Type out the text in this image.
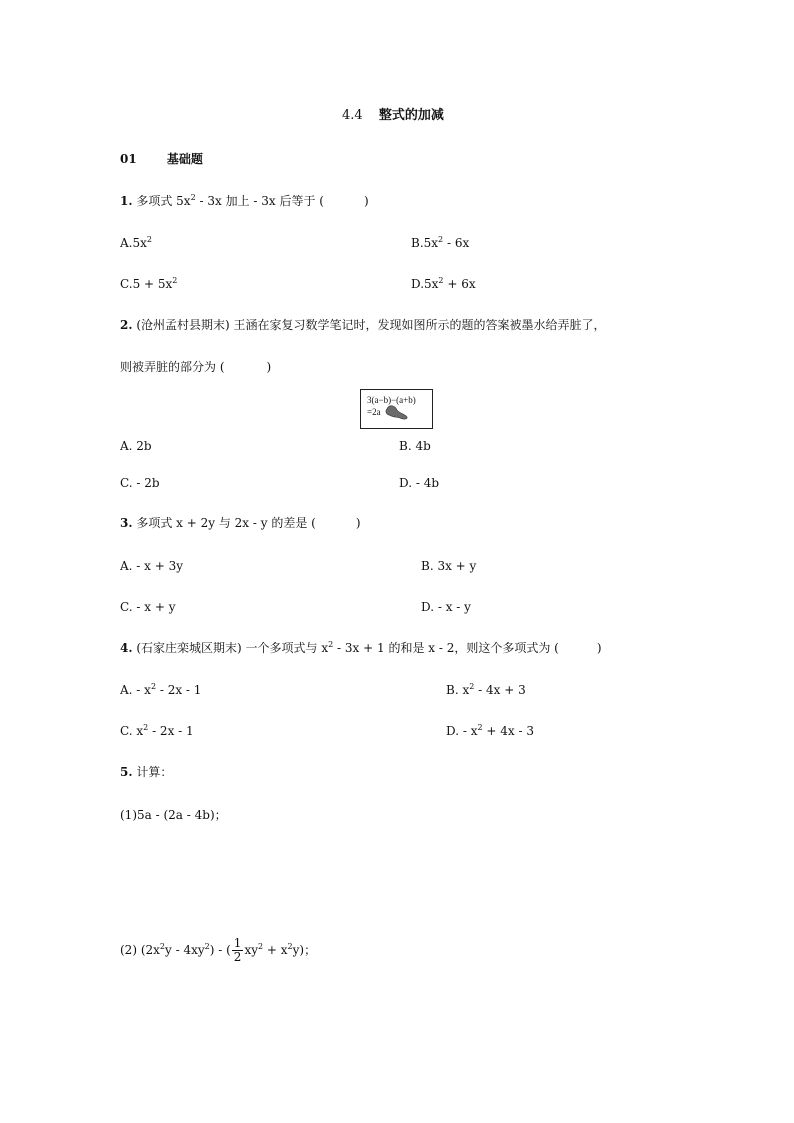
4.4 整式的加减
01	基础题
1. 多项式 $5x^2 - 3x$ 加上 - 3x 后等于 (	)
$A.5x^2$	$B.5x^2 - 6x$
$C.5 + 5x^2$	$D.5x^2 + 6x$
2. (沧州孟村县期末) 王涵在家复习数学笔记时，发现如图所示的题的答案被墨水给弄脏了，
则被弄脏的部分为 (	)
3(a−b)−(a+b)
=2a
A. 2b	B. 4b
C. - 2b	D. - 4b
3. 多项式 x + 2y 与 2x - y 的差是 (	)
A. - x + 3y	B. 3x + y
C. - x + y	D. - x - y
4. (石家庄栾城区期末) 一个多项式与 $x^2 - 3x + 1$ 的和是 x - 2，则这个多项式为 (	)
A. - $x^2 - 2x - 1$	B. $x^2 - 4x + 3$
C. $x^2 - 2x - 1$	D. - $x^2 + 4x - 3$
5. 计算：
(1)5a - (2a - 4b)；
(2) $(2x^2y - 4xy^2)$ - ( $\frac{1}{2} xy^2 + x^2y$)；
